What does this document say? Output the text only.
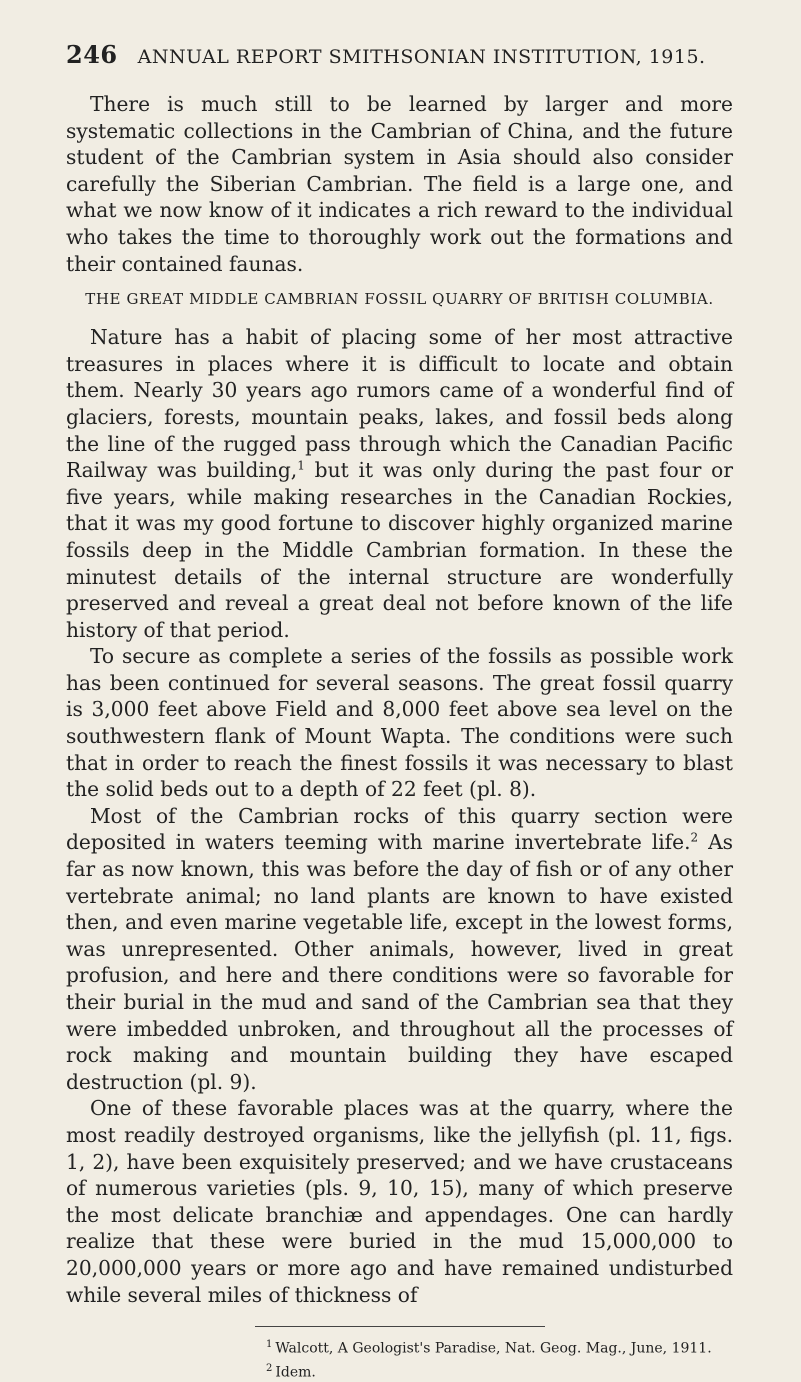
246 ANNUAL REPORT SMITHSONIAN INSTITUTION, 1915.

There is much still to be learned by larger and more systematic collections in the Cambrian of China, and the future student of the Cambrian system in Asia should also consider carefully the Siberian Cambrian. The field is a large one, and what we now know of it indicates a rich reward to the individual who takes the time to thoroughly work out the formations and their contained faunas.

THE GREAT MIDDLE CAMBRIAN FOSSIL QUARRY OF BRITISH COLUMBIA.

Nature has a habit of placing some of her most attractive treasures in places where it is difficult to locate and obtain them. Nearly 30 years ago rumors came of a wonderful find of glaciers, forests, mountain peaks, lakes, and fossil beds along the line of the rugged pass through which the Canadian Pacific Railway was building,$^1$ but it was only during the past four or five years, while making researches in the Canadian Rockies, that it was my good fortune to discover highly organized marine fossils deep in the Middle Cambrian formation. In these the minutest details of the internal structure are wonderfully preserved and reveal a great deal not before known of the life history of that period.

To secure as complete a series of the fossils as possible work has been continued for several seasons. The great fossil quarry is 3,000 feet above Field and 8,000 feet above sea level on the southwestern flank of Mount Wapta. The conditions were such that in order to reach the finest fossils it was necessary to blast the solid beds out to a depth of 22 feet (pl. 8).

Most of the Cambrian rocks of this quarry section were deposited in waters teeming with marine invertebrate life.$^2$ As far as now known, this was before the day of fish or of any other vertebrate animal; no land plants are known to have existed then, and even marine vegetable life, except in the lowest forms, was unrepresented. Other animals, however, lived in great profusion, and here and there conditions were so favorable for their burial in the mud and sand of the Cambrian sea that they were imbedded unbroken, and throughout all the processes of rock making and mountain building they have escaped destruction (pl. 9).

One of these favorable places was at the quarry, where the most readily destroyed organisms, like the jellyfish (pl. 11, figs. 1, 2), have been exquisitely preserved; and we have crustaceans of numerous varieties (pls. 9, 10, 15), many of which preserve the most delicate branchiæ and appendages. One can hardly realize that these were buried in the mud 15,000,000 to 20,000,000 years or more ago and have remained undisturbed while several miles of thickness of

$^1$ Walcott, A Geologist's Paradise, Nat. Geog. Mag., June, 1911.
$^2$ Idem.
